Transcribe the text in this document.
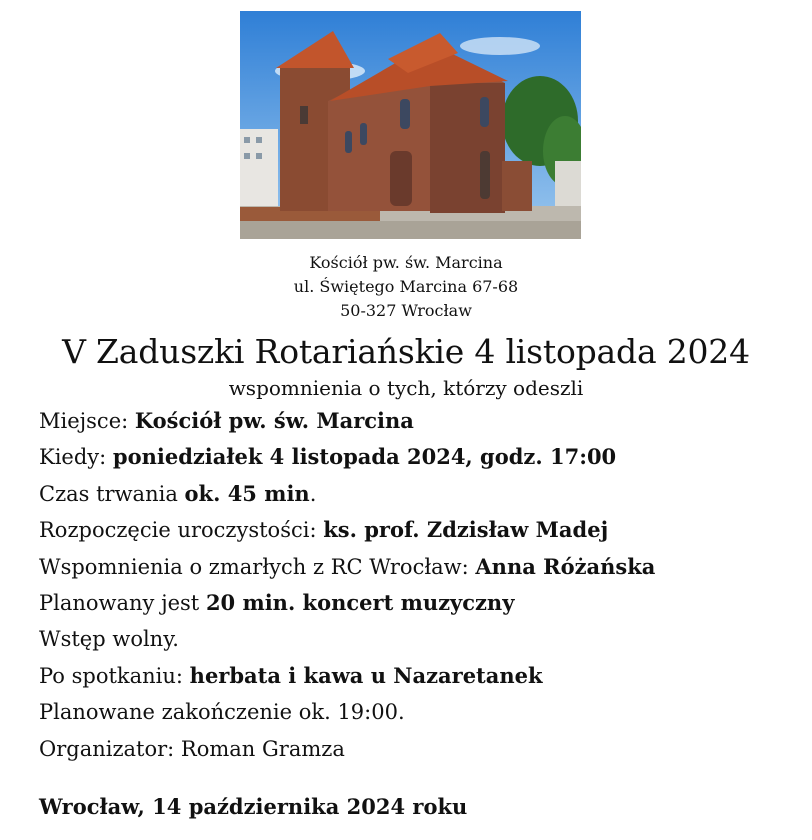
Kościół pw. św. Marcina
ul. Świętego Marcina 67-68
50-327 Wrocław
V Zaduszki Rotariańskie 4 listopada 2024
wspomnienia o tych, którzy odeszli
Miejsce: Kościół pw. św. Marcina
Kiedy: poniedziałek 4 listopada 2024, godz. 17:00
Czas trwania ok. 45 min.
Rozpoczęcie uroczystości: ks. prof. Zdzisław Madej
Wspomnienia o zmarłych z RC Wrocław: Anna Różańska
Planowany jest 20 min. koncert muzyczny
Wstęp wolny.
Po spotkaniu: herbata i kawa u Nazaretanek
Planowane zakończenie ok. 19:00.
Organizator: Roman Gramza
Wrocław, 14 października 2024 roku
